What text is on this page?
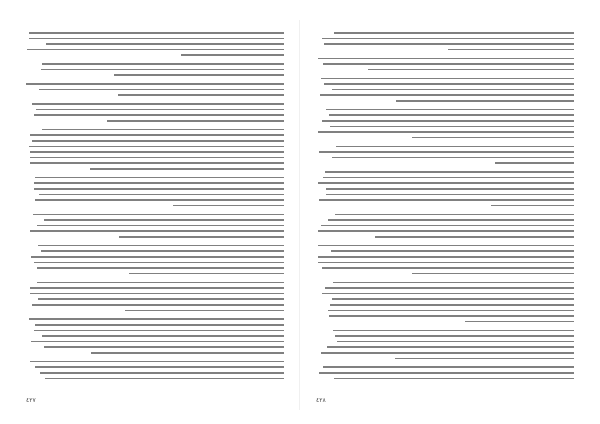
٤٢٧	٤٢٨
